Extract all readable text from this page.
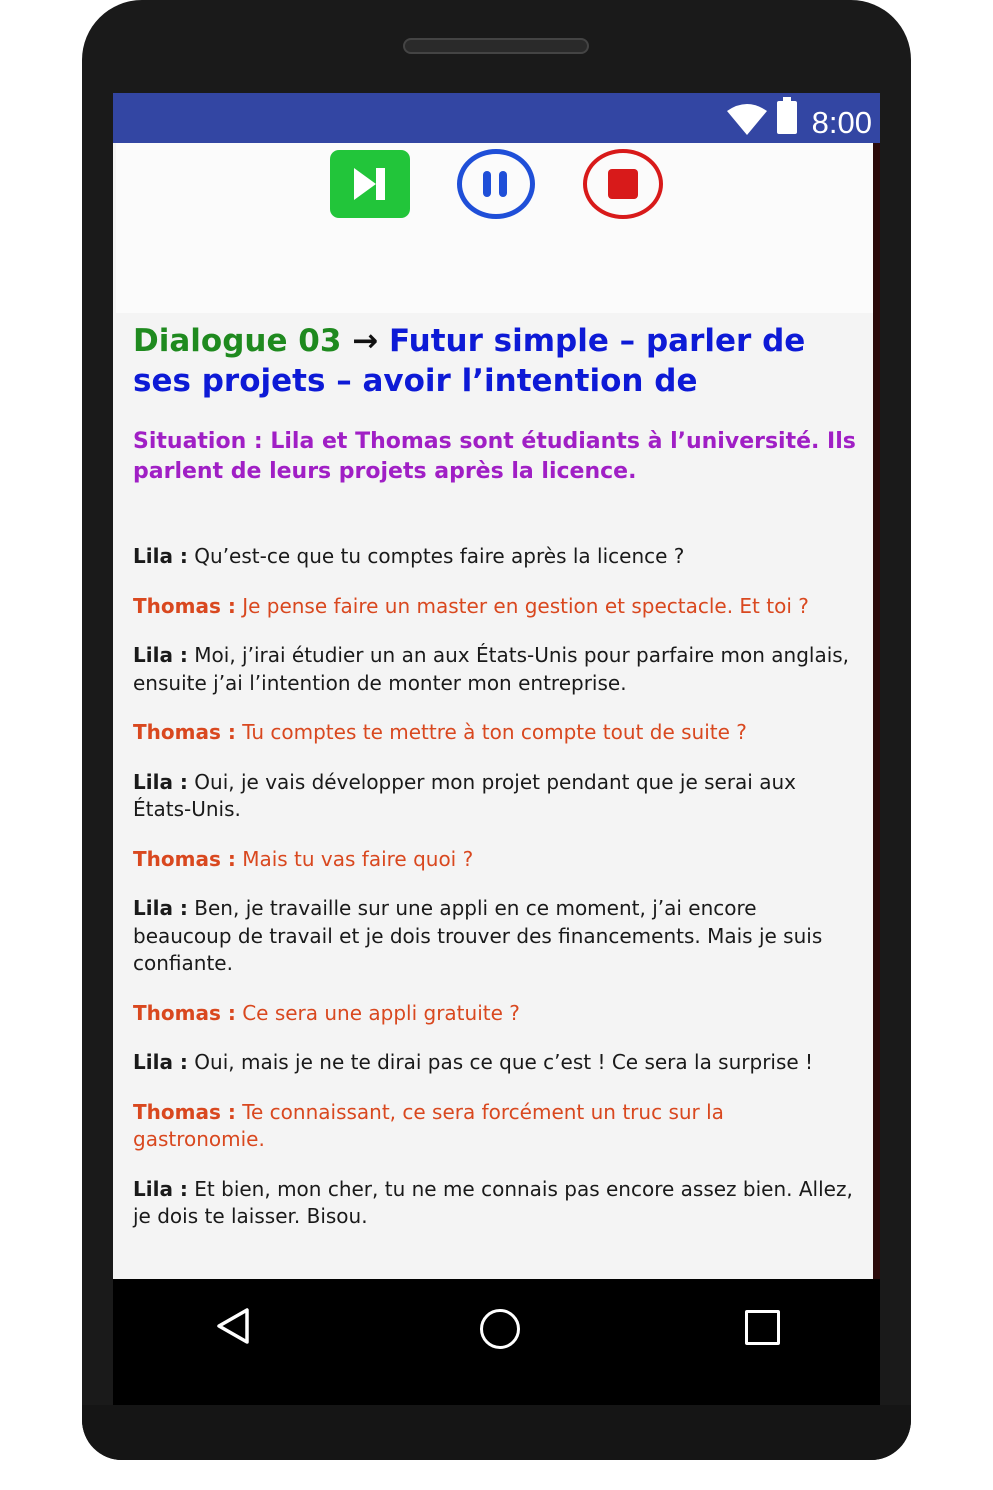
8:00

Dialogue 03 → Futur simple – parler de ses projets – avoir l’intention de

Situation : Lila et Thomas sont étudiants à l’université. Ils parlent de leurs projets après la licence.
Lila : Qu’est-ce que tu comptes faire après la licence ?
Thomas : Je pense faire un master en gestion et spectacle. Et toi ?
Lila : Moi, j’irai étudier un an aux États-Unis pour parfaire mon anglais, ensuite j’ai l’intention de monter mon entreprise.
Thomas : Tu comptes te mettre à ton compte tout de suite ?
Lila : Oui, je vais développer mon projet pendant que je serai aux États-Unis.
Thomas : Mais tu vas faire quoi ?
Lila : Ben, je travaille sur une appli en ce moment, j’ai encore beaucoup de travail et je dois trouver des financements. Mais je suis confiante.
Thomas : Ce sera une appli gratuite ?
Lila : Oui, mais je ne te dirai pas ce que c’est ! Ce sera la surprise !
Thomas : Te connaissant, ce sera forcément un truc sur la gastronomie.
Lila : Et bien, mon cher, tu ne me connais pas encore assez bien. Allez, je dois te laisser. Bisou.
